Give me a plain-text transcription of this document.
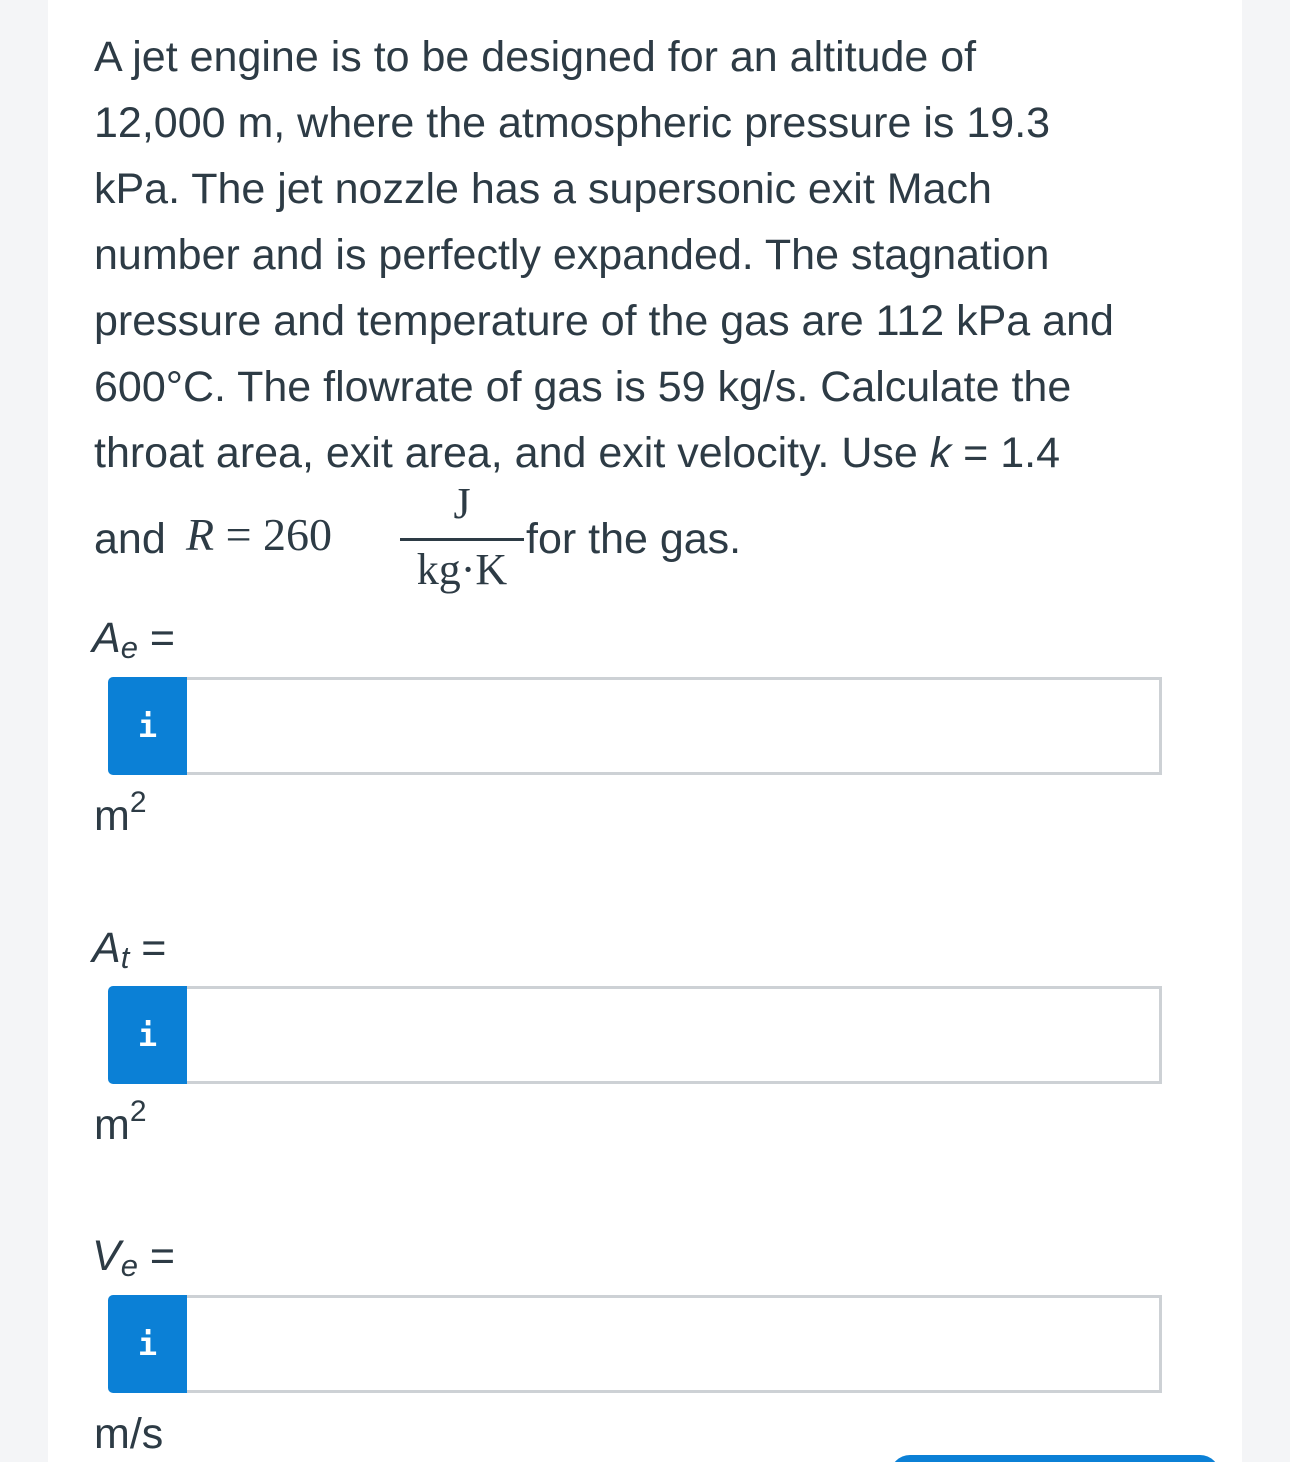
A jet engine is to be designed for an altitude of
12,000 m, where the atmospheric pressure is 19.3
kPa. The jet nozzle has a supersonic exit Mach
number and is perfectly expanded. The stagnation
pressure and temperature of the gas are 112 kPa and
600°C. The flowrate of gas is 59 kg/s. Calculate the
throat area, exit area, and exit velocity. Use k = 1.4
and R = 260
J
kg·K
for the gas.
$A_e$ =
i
$m^2$
$A_t$ =
i
$m^2$
$V_e$ =
i
m/s
